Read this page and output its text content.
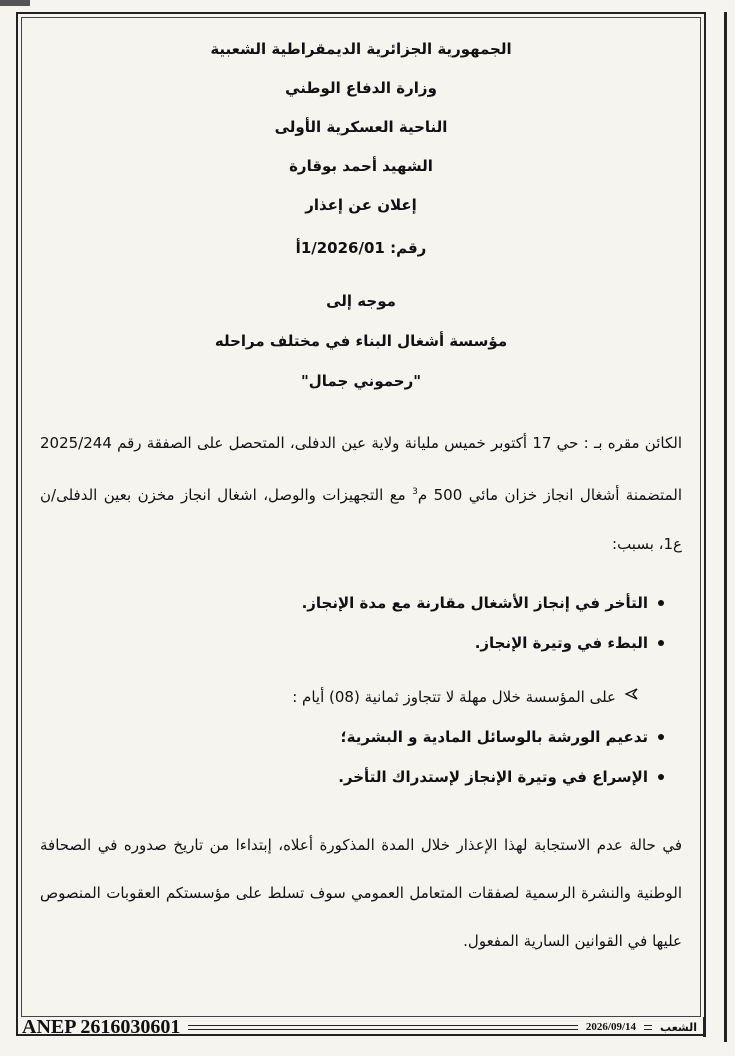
الجمهورية الجزائرية الديمقراطية الشعبية
وزارة الدفاع الوطني
الناحية العسكرية الأولى
الشهيد أحمد بوقارة
إعلان عن إعذار
رقم: 1/2026/01أ
موجه إلى
مؤسسة أشغال البناء في مختلف مراحله
"رحموني جمال"
الكائن مقره بـ : حي 17 أكتوبر خميس مليانة ولاية عين الدفلى، المتحصل على الصفقة رقم 2025/244 المتضمنة أشغال انجاز خزان مائي 500 م$^3$ مع التجهيزات والوصل، اشغال انجاز مخزن بعين الدفلى/ن ع1، بسبب:
التأخر في إنجاز الأشغال مقارنة مع مدة الإنجاز.
البطء في وتيرة الإنجاز.
على المؤسسة خلال مهلة لا تتجاوز ثمانية (08) أيام :
تدعيم الورشة بالوسائل المادية و البشرية؛
الإسراع في وتيرة الإنجاز لإستدراك التأخر.
في حالة عدم الاستجابة لهذا الإعذار خلال المدة المذكورة أعلاه، إبتداءا من تاريخ صدوره في الصحافة الوطنية والنشرة الرسمية لصفقات المتعامل العمومي سوف تسلط على مؤسستكم العقوبات المنصوص عليها في القوانين السارية المفعول.
ANEP 2616030601	2026/09/14 الشعب
